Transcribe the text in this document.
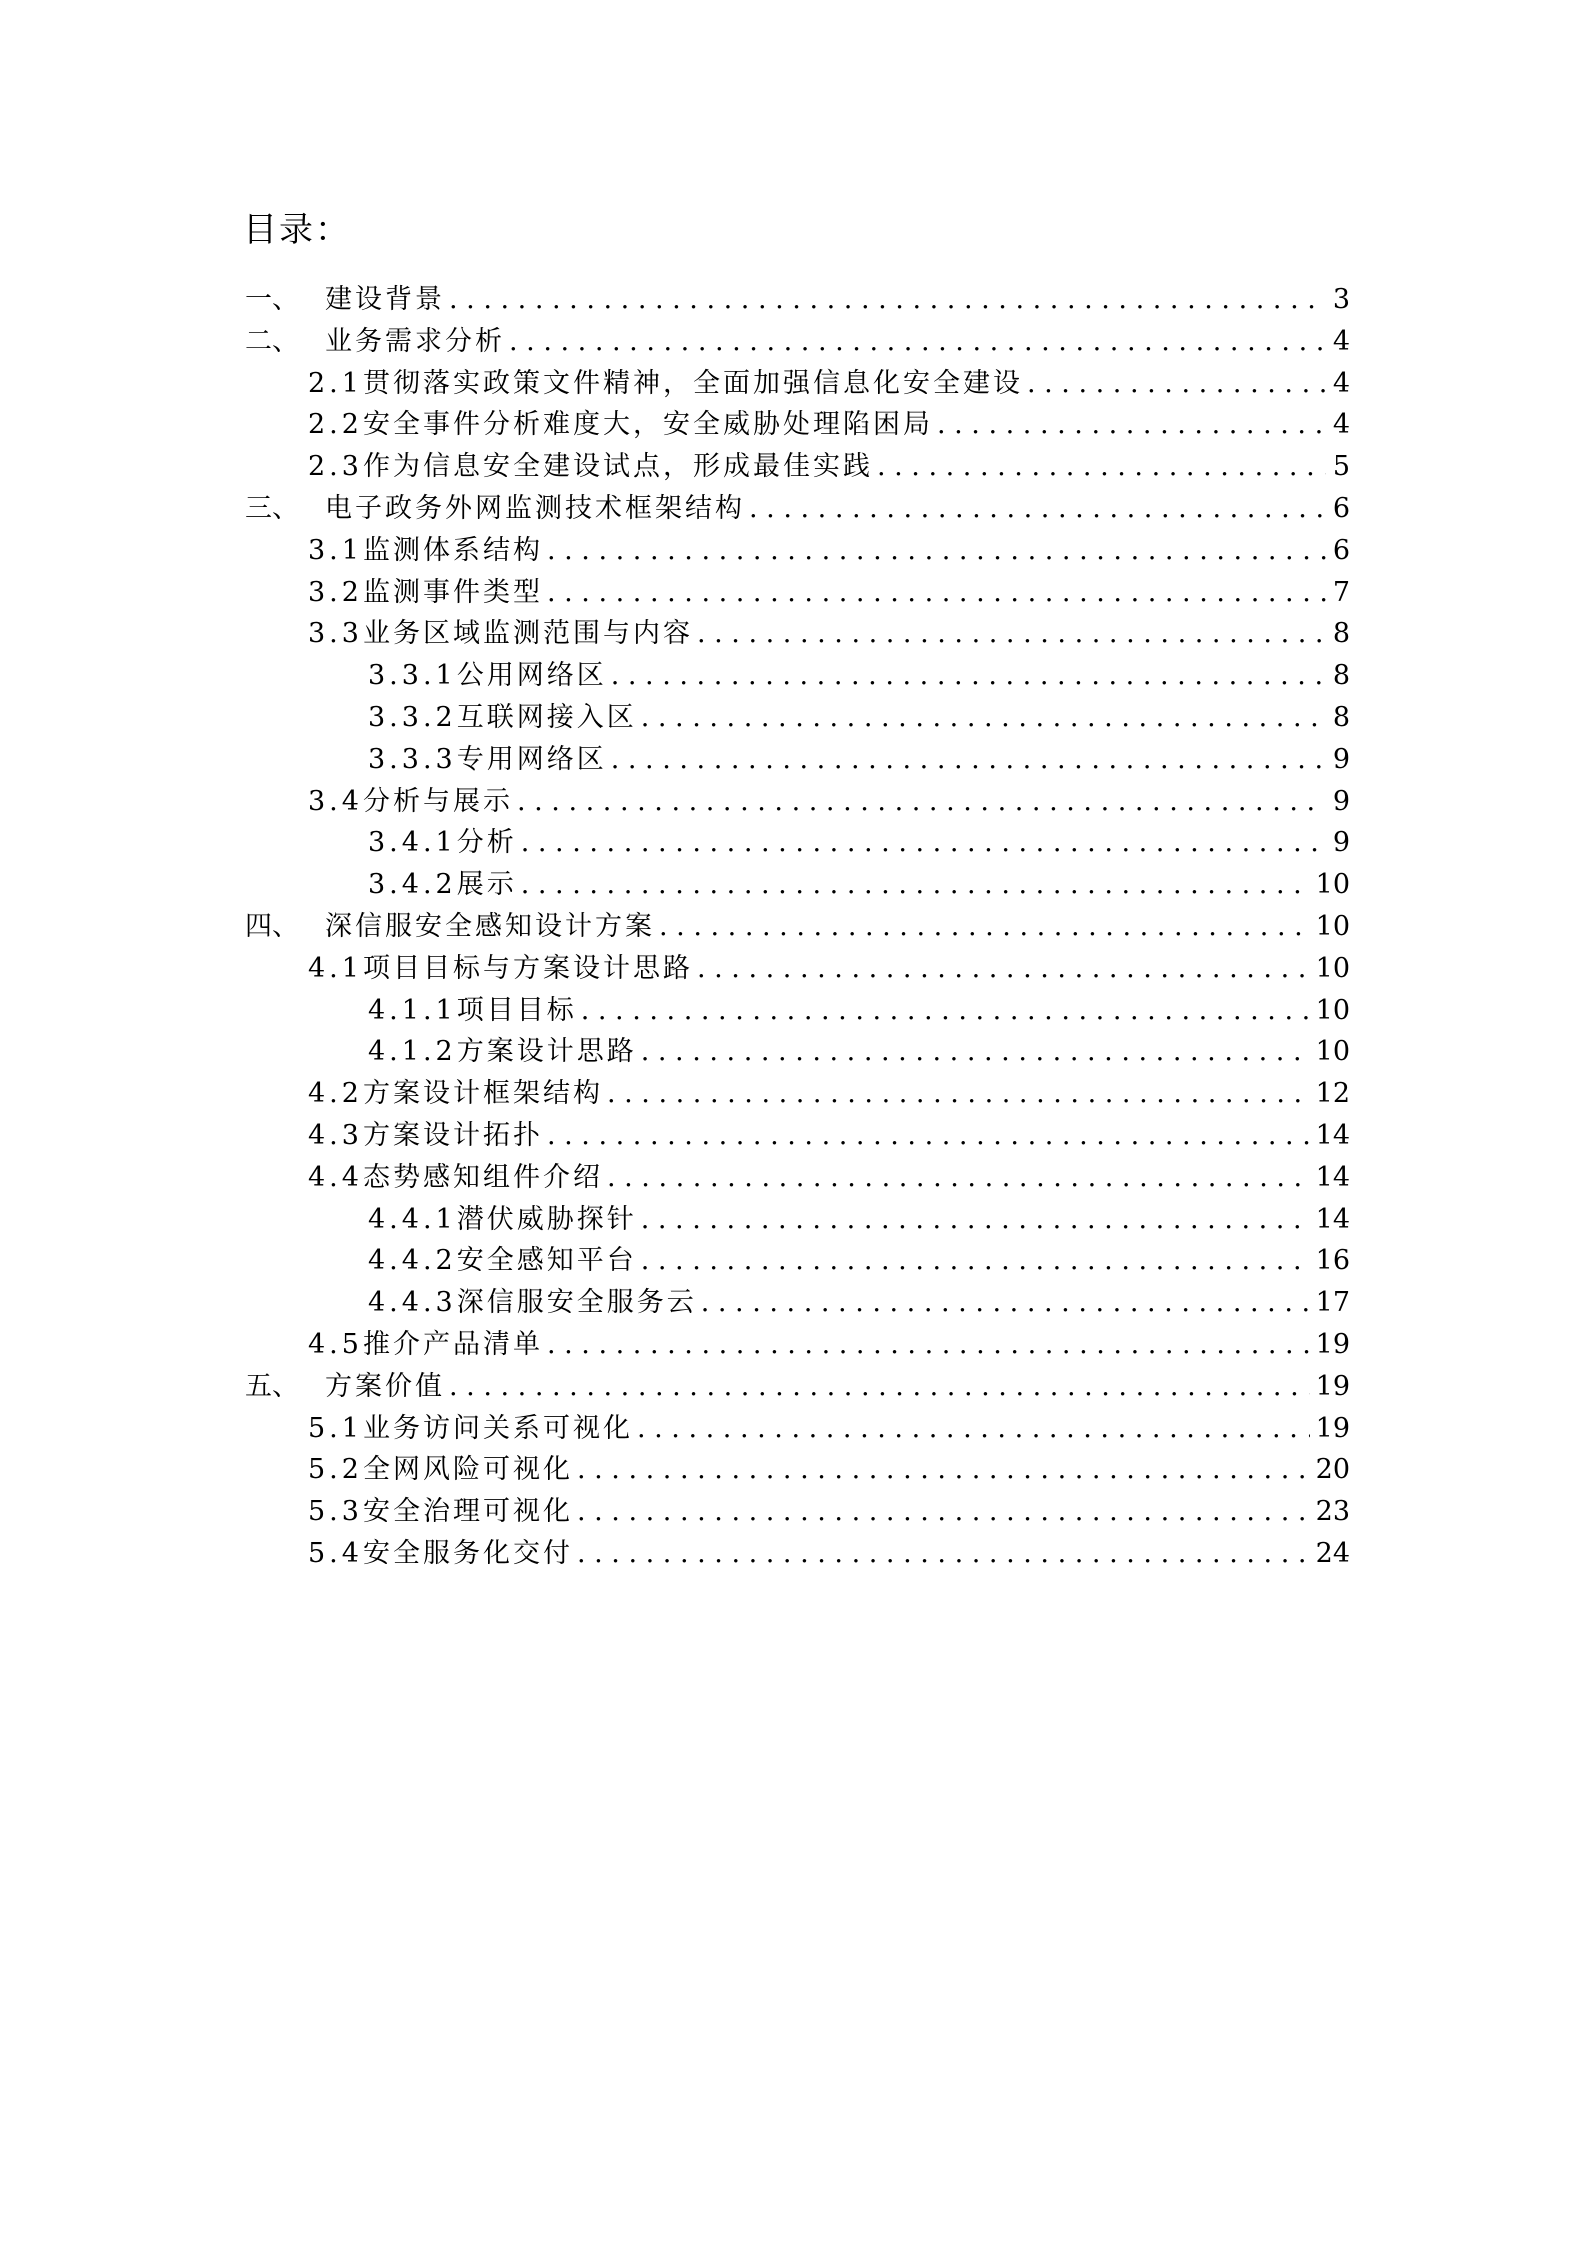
目录：
一、 建设背景 . . .	3
二、 业务需求分析 . . .	4
2.1 贯彻落实政策文件精神，全面加强信息化安全建设 . . .	4
2.2 安全事件分析难度大，安全威胁处理陷困局 . . .	4
2.3 作为信息安全建设试点，形成最佳实践 . . .	5
三、 电子政务外网监测技术框架结构 . . .	6
3.1 监测体系结构 . . .	6
3.2 监测事件类型 . . .	7
3.3 业务区域监测范围与内容 . . .	8
3.3.1 公用网络区 . . .	8
3.3.2 互联网接入区 . . .	8
3.3.3 专用网络区 . . .	9
3.4 分析与展示 . . .	9
3.4.1 分析 . . .	9
3.4.2 展示 . . .	10
四、 深信服安全感知设计方案 . . .	10
4.1 项目目标与方案设计思路 . . .	10
4.1.1 项目目标 . . .	10
4.1.2 方案设计思路 . . .	10
4.2 方案设计框架结构 . . .	12
4.3 方案设计拓扑 . . .	14
4.4 态势感知组件介绍 . . .	14
4.4.1 潜伏威胁探针 . . .	14
4.4.2 安全感知平台 . . .	16
4.4.3 深信服安全服务云 . . .	17
4.5 推介产品清单 . . .	19
五、 方案价值 . . .	19
5.1 业务访问关系可视化 . . .	19
5.2 全网风险可视化 . . .	20
5.3 安全治理可视化 . . .	23
5.4 安全服务化交付 . . .	24
